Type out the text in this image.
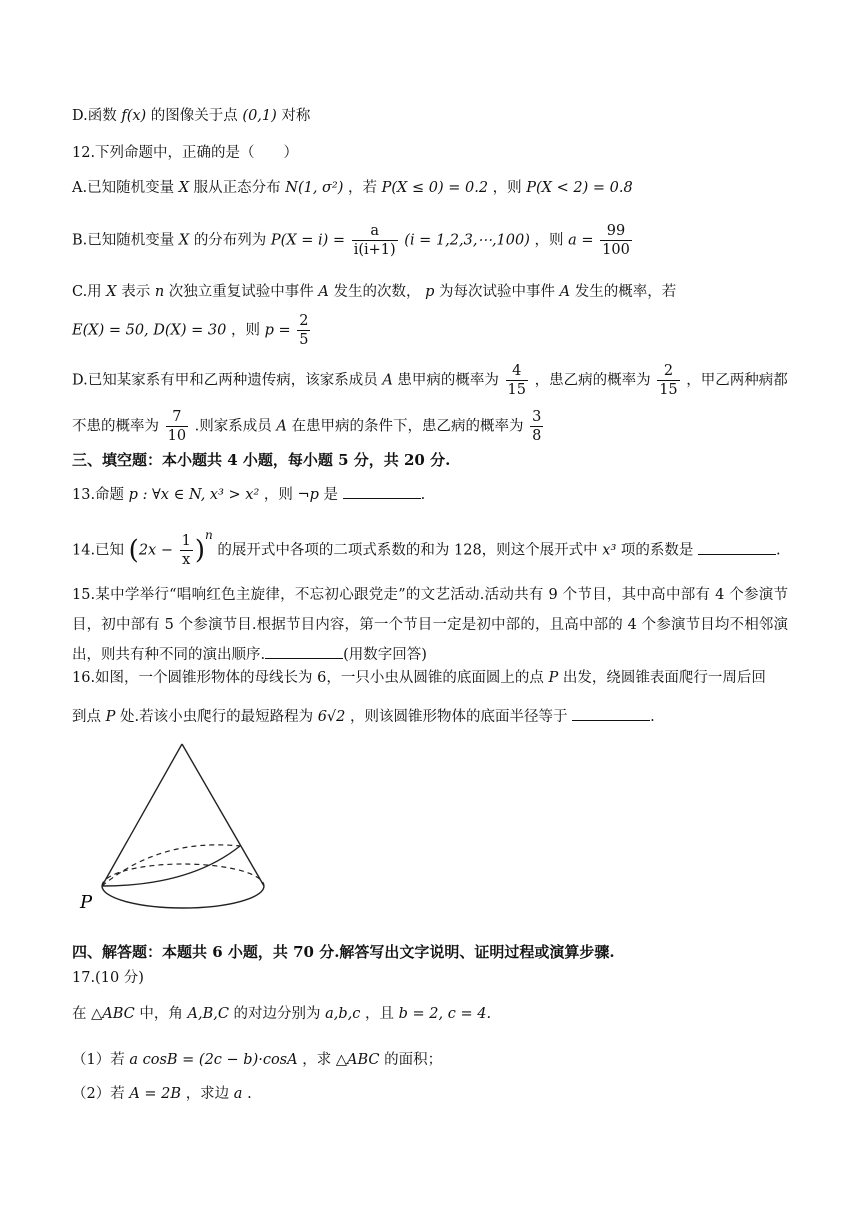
D.函数 f(x) 的图像关于点 (0,1) 对称
12.下列命题中，正确的是（　　）
A.已知随机变量 X 服从正态分布 N(1, σ²) ，若 P(X ≤ 0) = 0.2 ，则 P(X < 2) = 0.8
B.已知随机变量 X 的分布列为 $P(X = i) = \frac{a}{i(i+1)} (i$ = 1,2,3,⋯,100) ，则 $a = \frac{99}{100}$
C.用 X 表示 n 次独立重复试验中事件 A 发生的次数， p 为每次试验中事件 A 发生的概率，若
E(X) = 50, D(X) = 30 ，则 $p = \frac{2}{5}$
D.已知某家系有甲和乙两种遗传病，该家系成员 A 患甲病的概率为 $\frac{4}{15}$ ，患乙病的概率为 $\frac{2}{15}$ ，甲乙两种病都
不患的概率为 $\frac{7}{10}$ .则家系成员 A 在患甲病的条件下，患乙病的概率为 $\frac{3}{8}$
三、填空题：本小题共 4 小题，每小题 5 分，共 20 分.
13.命题 p : ∀x ∈ N, x³ > x² ，则 ¬p 是	.
14.已知 $(2x - \frac{1}{x} )^n$ 的展开式中各项的二项式系数的和为 128，则这个展开式中 x³ 项的系数是	.
15.某中学举行“唱响红色主旋律，不忘初心跟党走”的文艺活动.活动共有 9 个节目，其中高中部有 4 个参演节目，初中部有 5 个参演节目.根据节目内容，第一个节目一定是初中部的，且高中部的 4 个参演节目均不相邻演出，则共有种不同的演出顺序.	(用数字回答)
16.如图，一个圆锥形物体的母线长为 6，一只小虫从圆锥的底面圆上的点 P 出发，绕圆锥表面爬行一周后回
到点 P 处.若该小虫爬行的最短路程为 6√2 ，则该圆锥形物体的底面半径等于	.
P
四、解答题：本题共 6 小题，共 70 分.解答写出文字说明、证明过程或演算步骤.
17.(10 分)
在 △ABC 中，角 A,B,C 的对边分别为 a,b,c ，且 b = 2, c = 4.
（1）若 a cosB = (2c − b)·cosA ，求 △ABC 的面积；
（2）若 A = 2B ，求边 a .
